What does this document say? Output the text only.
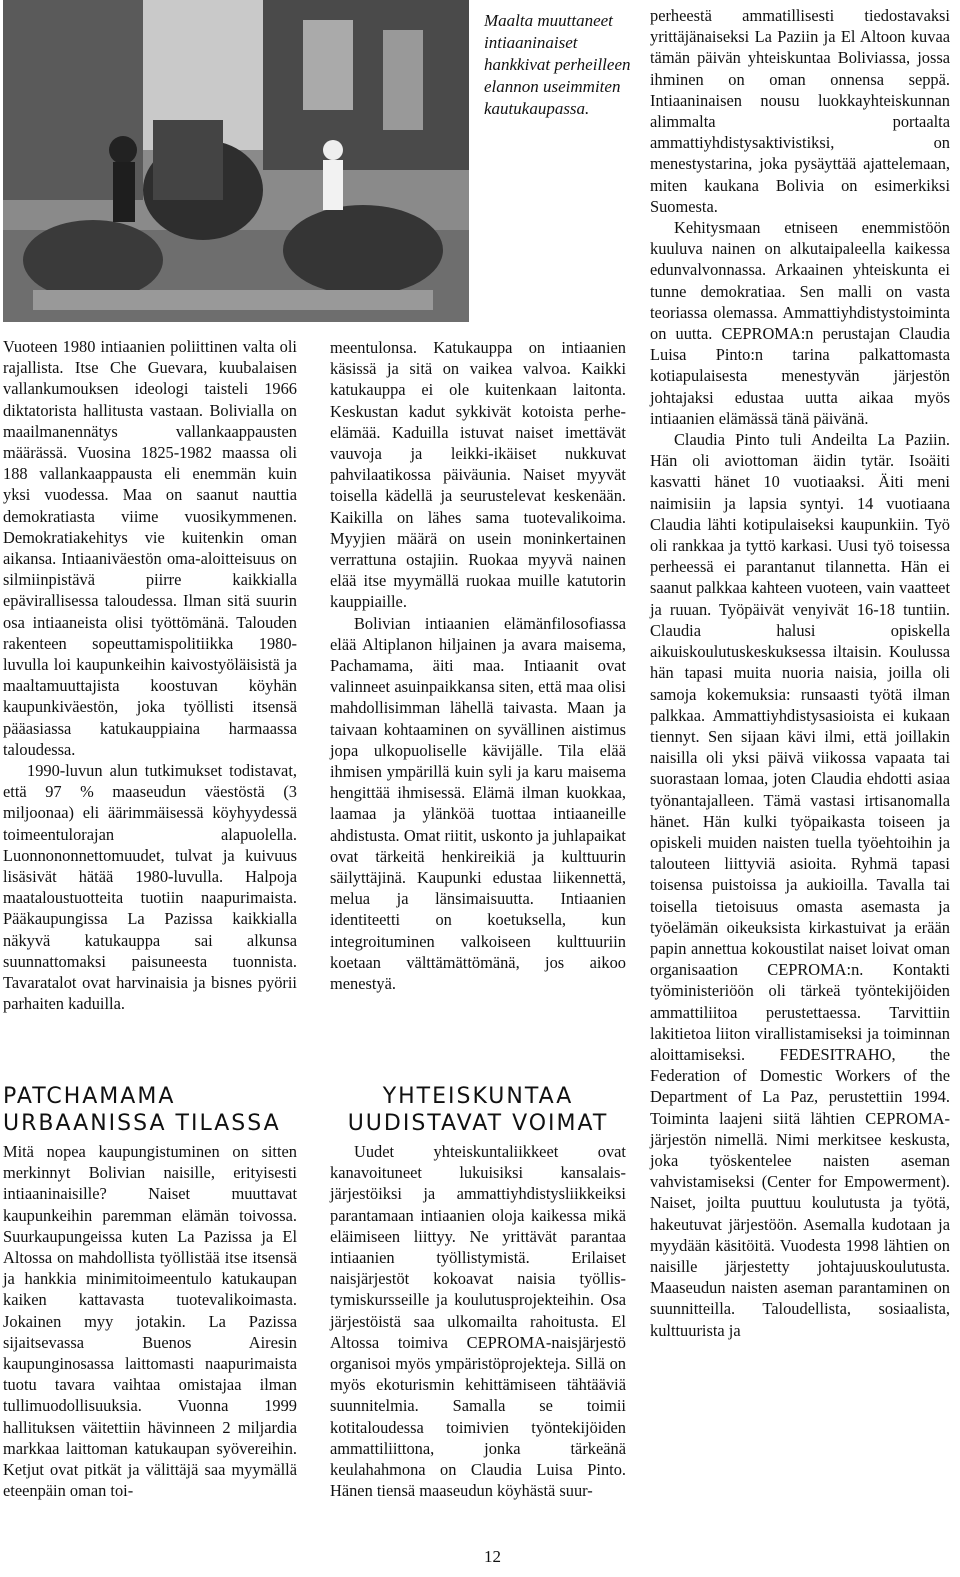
Maalta muuttaneet intiaaninaiset hankkivat perheilleen elannon useimmiten kautukaupassa.

Vuoteen 1980 intiaanien poliittinen valta oli rajallista. Itse Che Guevara, kuubalaisen vallankumouksen ideologi taisteli 1966 diktatorista hallitusta vastaan. Bolivialla on maailmanennätys vallankaappausten määrässä. Vuosina 1825-1982 maassa oli 188 vallankaappausta eli enemmän kuin yksi vuodessa. Maa on saanut nauttia demokratiasta viime vuosikymmenen. Demokratiakehitys vie kuitenkin oman aikansa. Intiaaniväestön oma-aloitteisuus on silmiinpistävä piirre kaikkialla epävirallisessa taloudessa. Ilman sitä suurin osa intiaaneista olisi työttömänä. Talouden rakenteen sopeuttamispolitiikka 1980-luvulla loi kaupunkeihin kaivostyöläisistä ja maaltamuuttajista koostuvan köyhän kaupunkiväestön, joka työllisti itsensä pääasiassa katukauppiaina harmaassa taloudessa.

1990-luvun alun tutkimukset todistavat, että 97 % maaseudun väestöstä (3 miljoonaa) eli äärimmäisessä köyhyydessä toimeentulorajan alapuolella. Luonnononnettomuudet, tulvat ja kuivuus lisäsivät hätää 1980-luvulla. Halpoja maataloustuotteita tuotiin naapurimaista. Pääkaupungissa La Pazissa kaikkialla näkyvä katukauppa sai alkunsa suunnattomaksi paisuneesta tuonnista. Tavaratalot ovat harvinaisia ja bisnes pyörii parhaiten kaduilla.

PATCHAMAMA
URBAANISSA TILASSA

Mitä nopea kaupungistuminen on sitten merkinnyt Bolivian naisille, erityisesti intiaaninaisille? Naiset muuttavat kaupunkeihin paremman elämän toivossa. Suurkaupungeissa kuten La Pazissa ja El Altossa on mahdollista työllistää itse itsensä ja hankkia minimitoimeentulo katukaupan kaiken kattavasta tuotevalikoimasta. Jokainen myy jotakin. La Pazissa sijaitsevassa Buenos Airesin kaupunginosassa laittomasti naapurimaista tuotu tavara vaihtaa omistajaa ilman tullimuodollisuuksia. Vuonna 1999 hallituksen väitettiin hävinneen 2 miljardia markkaa laittoman katukaupan syövereihin. Ketjut ovat pitkät ja välittäjä saa myymällä eteenpäin oman toi-

meentulonsa. Katukauppa on intiaanien käsissä ja sitä on vaikea valvoa. Kaikki katukauppa ei ole kuitenkaan laitonta. Keskustan kadut sykkivät kotoista perhe-elämää. Kaduilla istuvat naiset imettävät vauvoja ja leikki-ikäiset nukkuvat pahvilaatikossa päiväunia. Naiset myyvät toisella kädellä ja seurustelevat keskenään. Kaikilla on lähes sama tuotevalikoima. Myyjien määrä on usein moninkertainen verrattuna ostajiin. Ruokaa myyvä nainen elää itse myymällä ruokaa muille katutorin kauppiaille.

Bolivian intiaanien elämänfilosofiassa elää Altiplanon hiljainen ja avara maisema, Pachamama, äiti maa. Intiaanit ovat valinneet asuinpaikkansa siten, että maa olisi mahdollisimman lähellä taivasta. Maan ja taivaan kohtaaminen on syvällinen aistimus jopa ulkopuoliselle kävijälle. Tila elää ihmisen ympärillä kuin syli ja karu maisema hengittää ihmisessä. Elämä ilman kuokkaa, laamaa ja ylänköä tuottaa intiaaneille ahdistusta. Omat riitit, uskonto ja juhlapaikat ovat tärkeitä henkireikiä ja kulttuurin säilyttäjinä. Kaupunki edustaa liikennettä, melua ja länsimaisuutta. Intiaanien identiteetti on koetuksella, kun integroituminen valkoiseen kulttuuriin koetaan välttämättömänä, jos aikoo menestyä.

YHTEISKUNTAA
UUDISTAVAT VOIMAT

Uudet yhteiskuntaliikkeet ovat kanavoituneet lukuisiksi kansalais-järjestöiksi ja ammattiyhdistysliikkeiksi parantamaan intiaanien oloja kaikessa mikä eläimiseen liittyy. Ne yrittävät parantaa intiaanien työllistymistä. Erilaiset naisjärjestöt kokoavat naisia työllis-tymiskursseille ja koulutusprojekteihin. Osa järjestöistä saa ulkomailta rahoitusta. El Altossa toimiva CEPROMA-naisjärjestö organisoi myös ympäristöprojekteja. Sillä on myös ekoturismin kehittämiseen tähtääviä suunnitelmia. Samalla se toimii kotitaloudessa toimivien työntekijöiden ammattiliittona, jonka tärkeänä keulahahmona on Claudia Luisa Pinto. Hänen tiensä maaseudun köyhästä suur-

perheestä ammatillisesti tiedostavaksi yrittäjänaiseksi La Paziin ja El Altoon kuvaa tämän päivän yhteiskuntaa Boliviassa, jossa ihminen on oman onnensa seppä. Intiaaninaisen nousu luokkayhteiskunnan alimmalta portaalta ammattiyhdistysaktivistiksi, on menestystarina, joka pysäyttää ajattelemaan, miten kaukana Bolivia on esimerkiksi Suomesta.

Kehitysmaan etniseen enemmistöön kuuluva nainen on alkutaipaleella kaikessa edunvalvonnassa. Arkaainen yhteiskunta ei tunne demokratiaa. Sen malli on vasta teoriassa olemassa. Ammattiyhdistystoiminta on uutta. CEPROMA:n perustajan Claudia Luisa Pinto:n tarina palkattomasta kotiapulaisesta menestyvän järjestön johtajaksi edustaa uutta aikaa myös intiaanien elämässä tänä päivänä.

Claudia Pinto tuli Andeilta La Paziin. Hän oli aviottoman äidin tytär. Isoäiti kasvatti hänet 10 vuotiaaksi. Äiti meni naimisiin ja lapsia syntyi. 14 vuotiaana Claudia lähti kotipulaiseksi kaupunkiin. Työ oli rankkaa ja tyttö karkasi. Uusi työ toisessa perheessä ei parantanut tilannetta. Hän ei saanut palkkaa kahteen vuoteen, vain vaatteet ja ruuan. Työpäivät venyivät 16-18 tuntiin. Claudia halusi opiskella aikuiskoulutuskeskuksessa iltaisin. Koulussa hän tapasi muita nuoria naisia, joilla oli samoja kokemuksia: runsaasti työtä ilman palkkaa. Ammattiyhdistysasioista ei kukaan tiennyt. Sen sijaan kävi ilmi, että joillakin naisilla oli yksi päivä viikossa vapaata tai suorastaan lomaa, joten Claudia ehdotti asiaa työnantajalleen. Tämä vastasi irtisanomalla hänet. Hän kulki työpaikasta toiseen ja opiskeli muiden naisten tuella työehtoihin ja talouteen liittyviä asioita. Ryhmä tapasi toisensa puistoissa ja aukioilla. Tavalla tai toisella tietoisuus omasta asemasta ja työelämän oikeuksista kirkastuivat ja erään papin annettua kokoustilat naiset loivat oman organisaation CEPROMA:n. Kontakti työministeriöön oli tärkeä työntekijöiden ammattiliitoa perustettaessa. Tarvittiin lakitietoa liiton virallistamiseksi ja toiminnan aloittamiseksi. FEDESITRAHO, the Federation of Domestic Workers of the Department of La Paz, perustettiin 1994. Toiminta laajeni siitä lähtien CEPROMA-järjestön nimellä. Nimi merkitsee keskusta, joka työskentelee naisten aseman vahvistamiseksi (Center for Empowerment). Naiset, joilta puuttuu koulutusta ja työtä, hakeutuvat järjestöön. Asemalla kudotaan ja myydään käsitöitä. Vuodesta 1998 lähtien on naisille järjestetty johtajuuskoulutusta. Maaseudun naisten aseman parantaminen on suunnitteilla. Taloudellista, sosiaalista, kulttuurista ja

12
